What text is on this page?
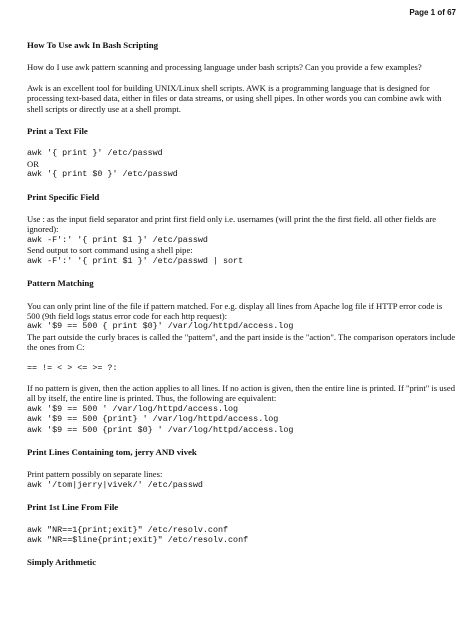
Page 1 of 67
How To Use awk In Bash Scripting

How do I use awk pattern scanning and processing language under bash scripts? Can you provide a few examples?

Awk is an excellent tool for building UNIX/Linux shell scripts. AWK is a programming language that is designed for processing text-based data, either in files or data streams, or using shell pipes. In other words you can combine awk with shell scripts or directly use at a shell prompt.

Print a Text File
awk '{ print }' /etc/passwd
OR
awk '{ print $0 }' /etc/passwd
Print Specific Field

Use : as the input field separator and print first field only i.e. usernames (will print the the first field. all other fields are ignored):

awk -F':' '{ print $1 }' /etc/passwd

Send output to sort command using a shell pipe:

awk -F':' '{ print $1 }' /etc/passwd | sort
Pattern Matching

You can only print line of the file if pattern matched. For e.g. display all lines from Apache log file if HTTP error code is 500 (9th field logs status error code for each http request):

awk '$9 == 500 { print $0}' /var/log/httpd/access.log

The part outside the curly braces is called the "pattern", and the part inside is the "action". The comparison operators include the ones from C:

== != < > <= >= ?:

If no pattern is given, then the action applies to all lines. If no action is given, then the entire line is printed. If "print" is used all by itself, the entire line is printed. Thus, the following are equivalent:

awk '$9 == 500 ' /var/log/httpd/access.log
awk '$9 == 500 {print} ' /var/log/httpd/access.log
awk '$9 == 500 {print $0} ' /var/log/httpd/access.log
Print Lines Containing tom, jerry AND vivek

Print pattern possibly on separate lines:

awk '/tom|jerry|vivek/' /etc/passwd
Print 1st Line From File
awk "NR==1{print;exit}" /etc/resolv.conf
awk "NR==$line{print;exit}" /etc/resolv.conf
Simply Arithmetic
